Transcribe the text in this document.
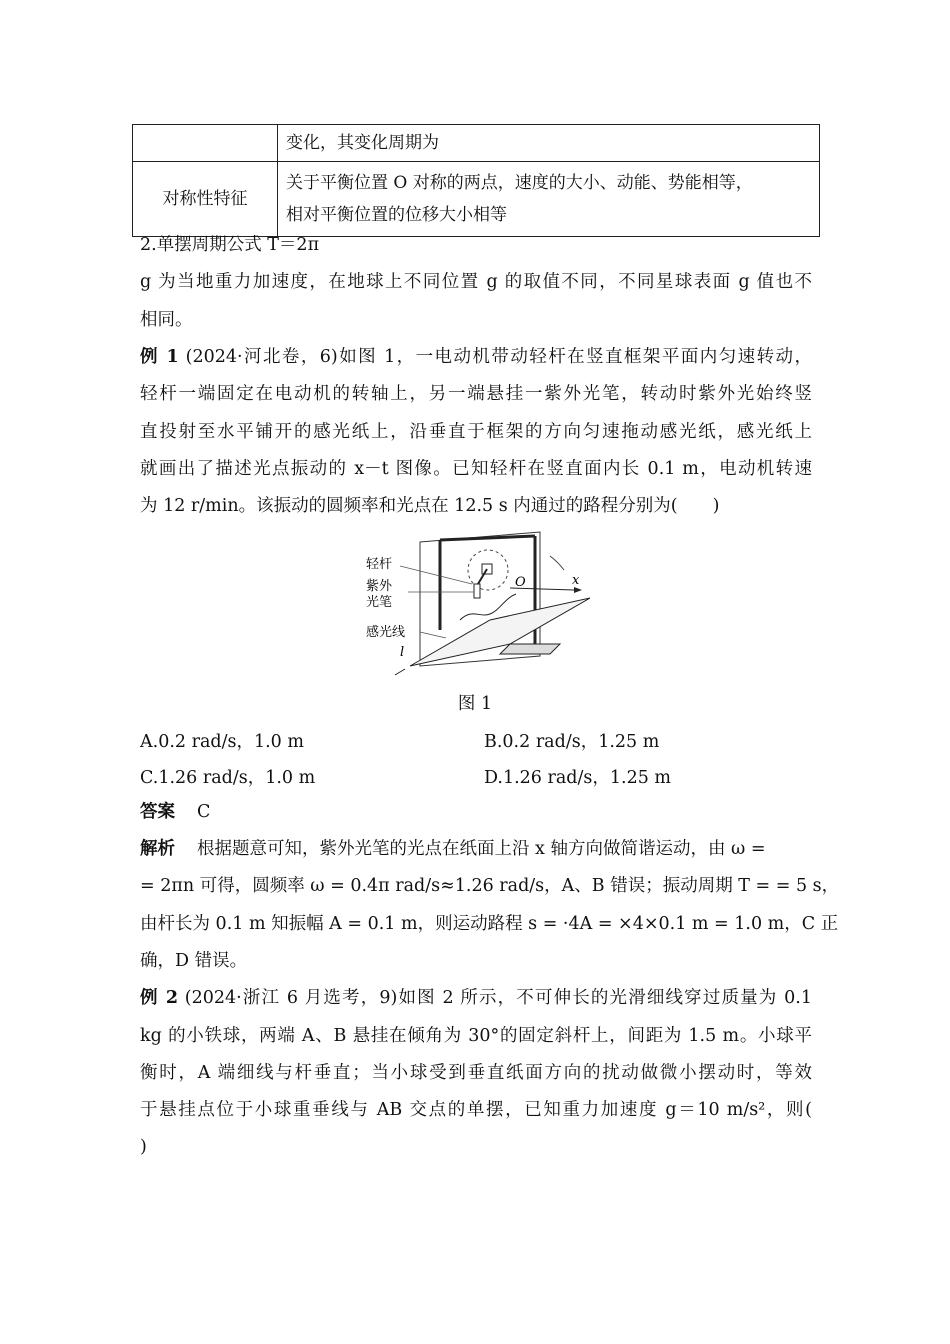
	变化，其变化周期为
对称性特征	关于平衡位置 O 对称的两点，速度的大小、动能、势能相等，
相对平衡位置的位移大小相等
2.单摆周期公式 T＝2π
g 为当地重力加速度，在地球上不同位置 g 的取值不同，不同星球表面 g 值也不
相同。
例 1 (2024·河北卷，6)如图 1，一电动机带动轻杆在竖直框架平面内匀速转动，
轻杆一端固定在电动机的转轴上，另一端悬挂一紫外光笔，转动时紫外光始终竖
直投射至水平铺开的感光纸上，沿垂直于框架的方向匀速拖动感光纸，感光纸上
就画出了描述光点振动的 x－t 图像。已知轻杆在竖直面内长 0.1 m，电动机转速
为 12 r/min。该振动的圆频率和光点在 12.5 s 内通过的路程分别为(　　)
轻杆
紫外
光笔
感光线
O	x
l
图 1
A.0.2 rad/s，1.0 m	B.0.2 rad/s，1.25 m
C.1.26 rad/s，1.0 m	D.1.26 rad/s，1.25 m
答案 C
解析 根据题意可知，紫外光笔的光点在纸面上沿 x 轴方向做简谐运动，由 ω =
= 2πn 可得，圆频率 ω = 0.4π rad/s≈1.26 rad/s，A、B 错误；振动周期 T = = 5 s，
由杆长为 0.1 m 知振幅 A = 0.1 m，则运动路程 s = ·4A = ×4×0.1 m = 1.0 m，C 正
确，D 错误。
例 2 (2024·浙江 6 月选考，9)如图 2 所示，不可伸长的光滑细线穿过质量为 0.1
kg 的小铁球，两端 A、B 悬挂在倾角为 30°的固定斜杆上，间距为 1.5 m。小球平
衡时，A 端细线与杆垂直；当小球受到垂直纸面方向的扰动做微小摆动时，等效
于悬挂点位于小球重垂线与 AB 交点的单摆，已知重力加速度 g＝10 m/s²，则(
)
